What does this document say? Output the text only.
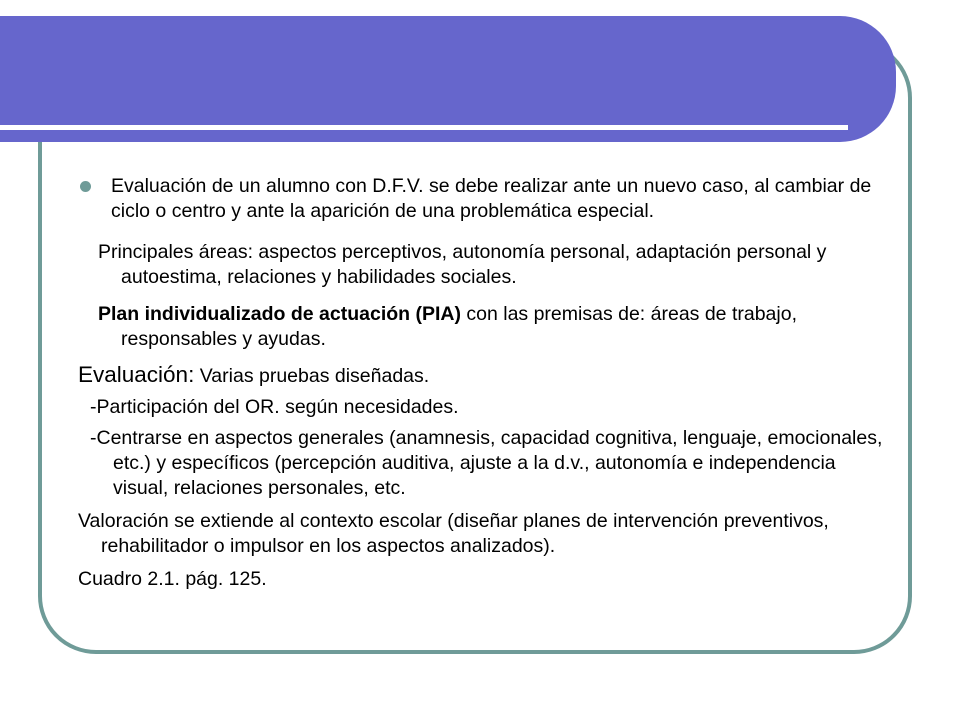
Evaluación de un alumno con D.F.V. se debe realizar ante un nuevo caso, al cambiar de ciclo o centro y ante la aparición de una problemática especial.

Principales áreas: aspectos perceptivos, autonomía personal, adaptación personal y autoestima, relaciones y habilidades sociales.

Plan individualizado de actuación (PIA) con las premisas de: áreas de trabajo, responsables y ayudas.

Evaluación: Varias pruebas diseñadas.

-Participación del OR. según necesidades.

-Centrarse en aspectos generales (anamnesis, capacidad cognitiva, lenguaje, emocionales, etc.) y específicos (percepción auditiva, ajuste a la d.v., autonomía e independencia visual, relaciones personales, etc.

Valoración se extiende al contexto escolar (diseñar planes de intervención preventivos, rehabilitador o impulsor en los aspectos analizados).

Cuadro 2.1. pág. 125.
